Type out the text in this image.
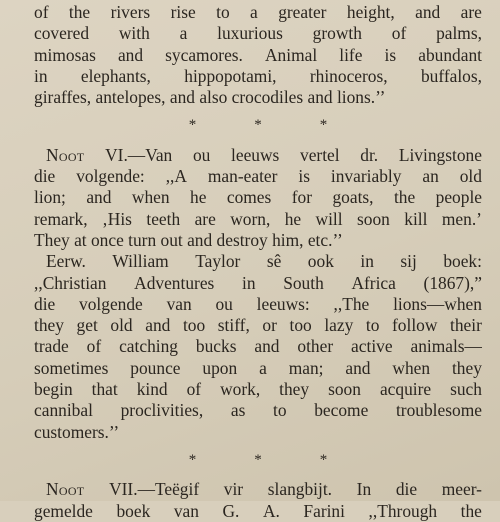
of the rivers rise to a greater height, and are
covered with a luxurious growth of palms,
mimosas and sycamores. Animal life is abundant
in elephants, hippopotami, rhinoceros, buffalos,
giraffes, antelopes, and also crocodiles and lions.’’
*	*	*
Noot VI.—Van ou leeuws vertel dr. Livingstone
die volgende: ,,A man-eater is invariably an old
lion; and when he comes for goats, the people
remark, ‚His teeth are worn, he will soon kill men.’
They at once turn out and destroy him, etc.’’
Eerw. William Taylor sê ook in sij boek:
,,Christian Adventures in South Africa (1867),”
die volgende van ou leeuws: ,,The lions—when
they get old and too stiff, or too lazy to follow their
trade of catching bucks and other active animals—
sometimes pounce upon a man; and when they
begin that kind of work, they soon acquire such
cannibal proclivities, as to become troublesome
customers.’’
*	*	*
Noot VII.—Teëgif vir slangbijt. In die meer-
gemelde boek van G. A. Farini ,,Through the
